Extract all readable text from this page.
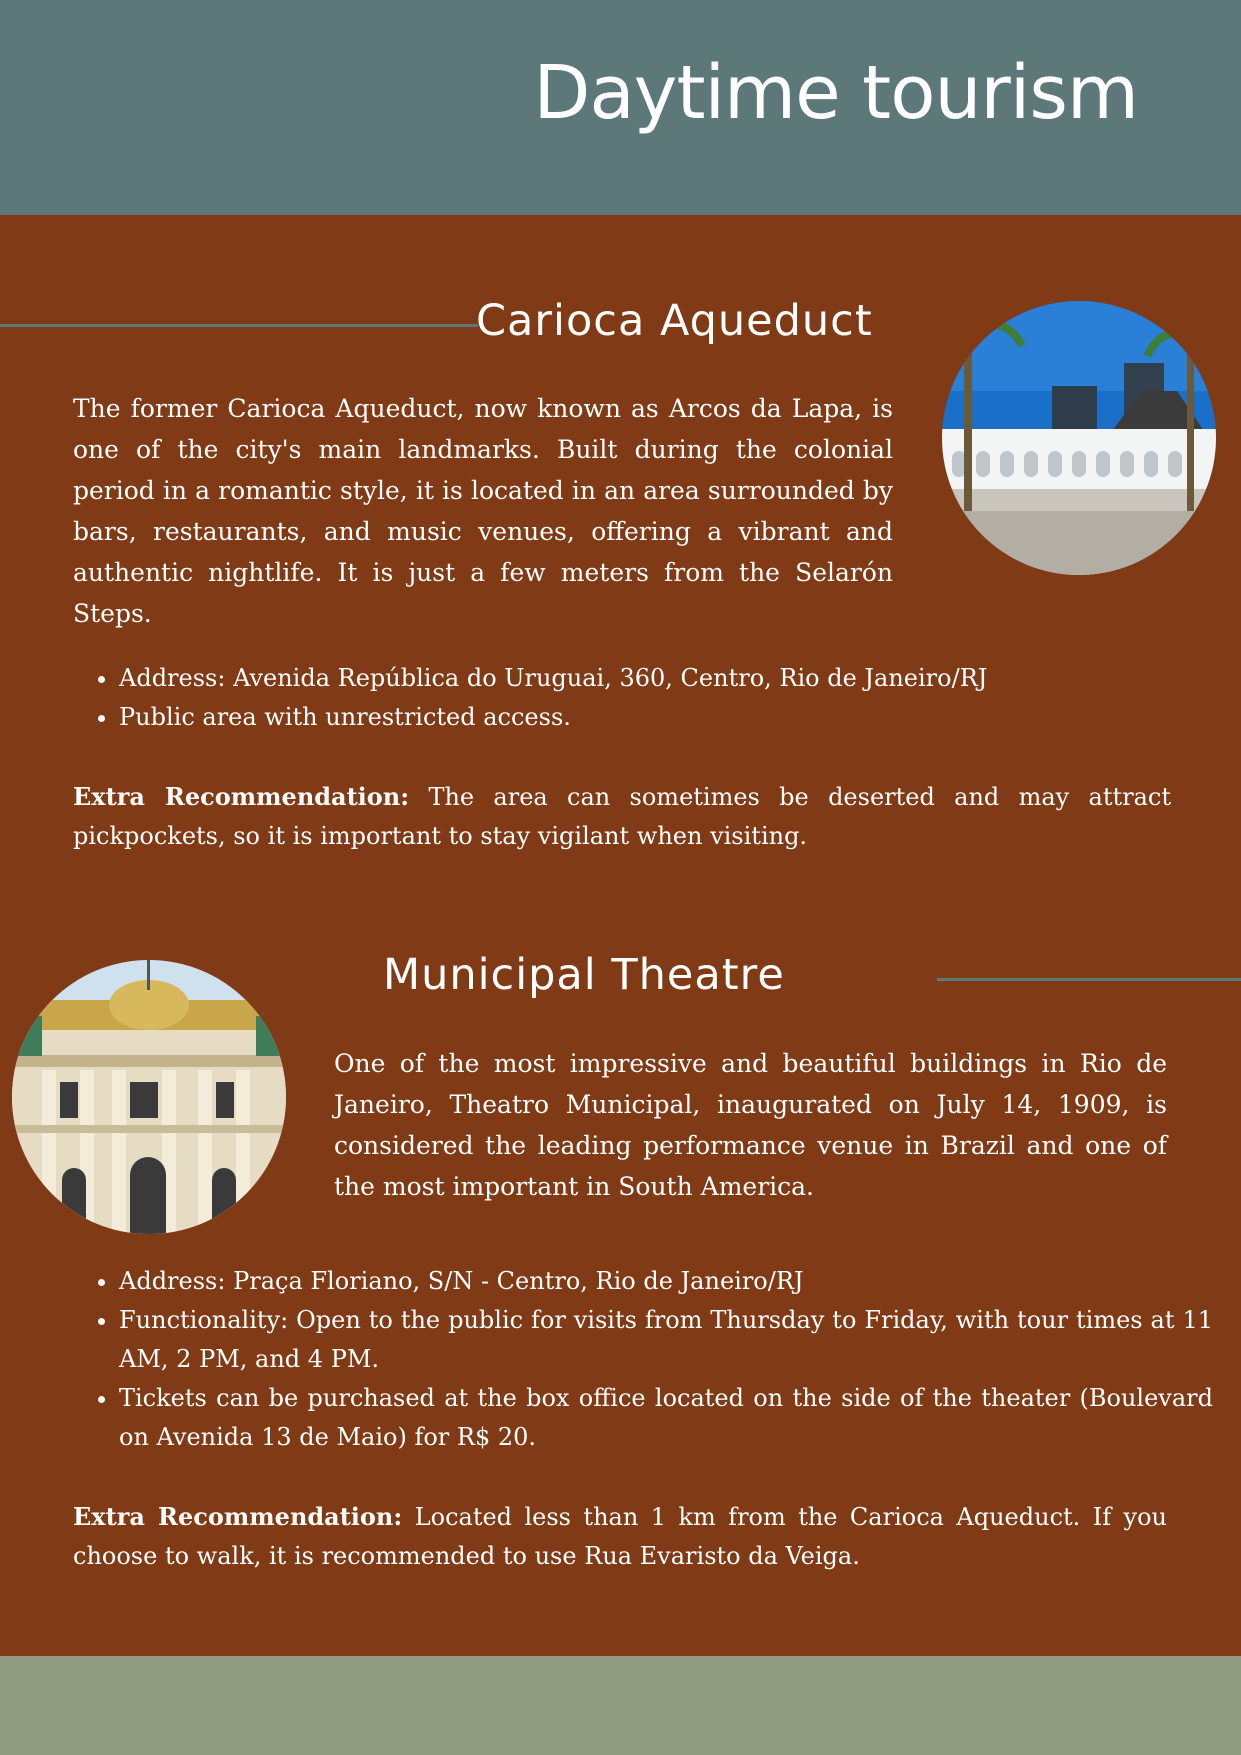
Daytime tourism
Carioca Aqueduct

The former Carioca Aqueduct, now known as Arcos da Lapa, is one of the city's main landmarks. Built during the colonial period in a romantic style, it is located in an area surrounded by bars, restaurants, and music venues, offering a vibrant and authentic nightlife. It is just a few meters from the Selarón Steps.

• Address: Avenida República do Uruguai, 360, Centro, Rio de Janeiro/RJ
• Public area with unrestricted access.

Extra Recommendation: The area can sometimes be deserted and may attract pickpockets, so it is important to stay vigilant when visiting.

Municipal Theatre

One of the most impressive and beautiful buildings in Rio de Janeiro, Theatro Municipal, inaugurated on July 14, 1909, is considered the leading performance venue in Brazil and one of the most important in South America.

• Address: Praça Floriano, S/N - Centro, Rio de Janeiro/RJ
• Functionality: Open to the public for visits from Thursday to Friday, with tour times at 11 AM, 2 PM, and 4 PM.
• Tickets can be purchased at the box office located on the side of the theater (Boulevard on Avenida 13 de Maio) for R$ 20.

Extra Recommendation: Located less than 1 km from the Carioca Aqueduct. If you choose to walk, it is recommended to use Rua Evaristo da Veiga.
